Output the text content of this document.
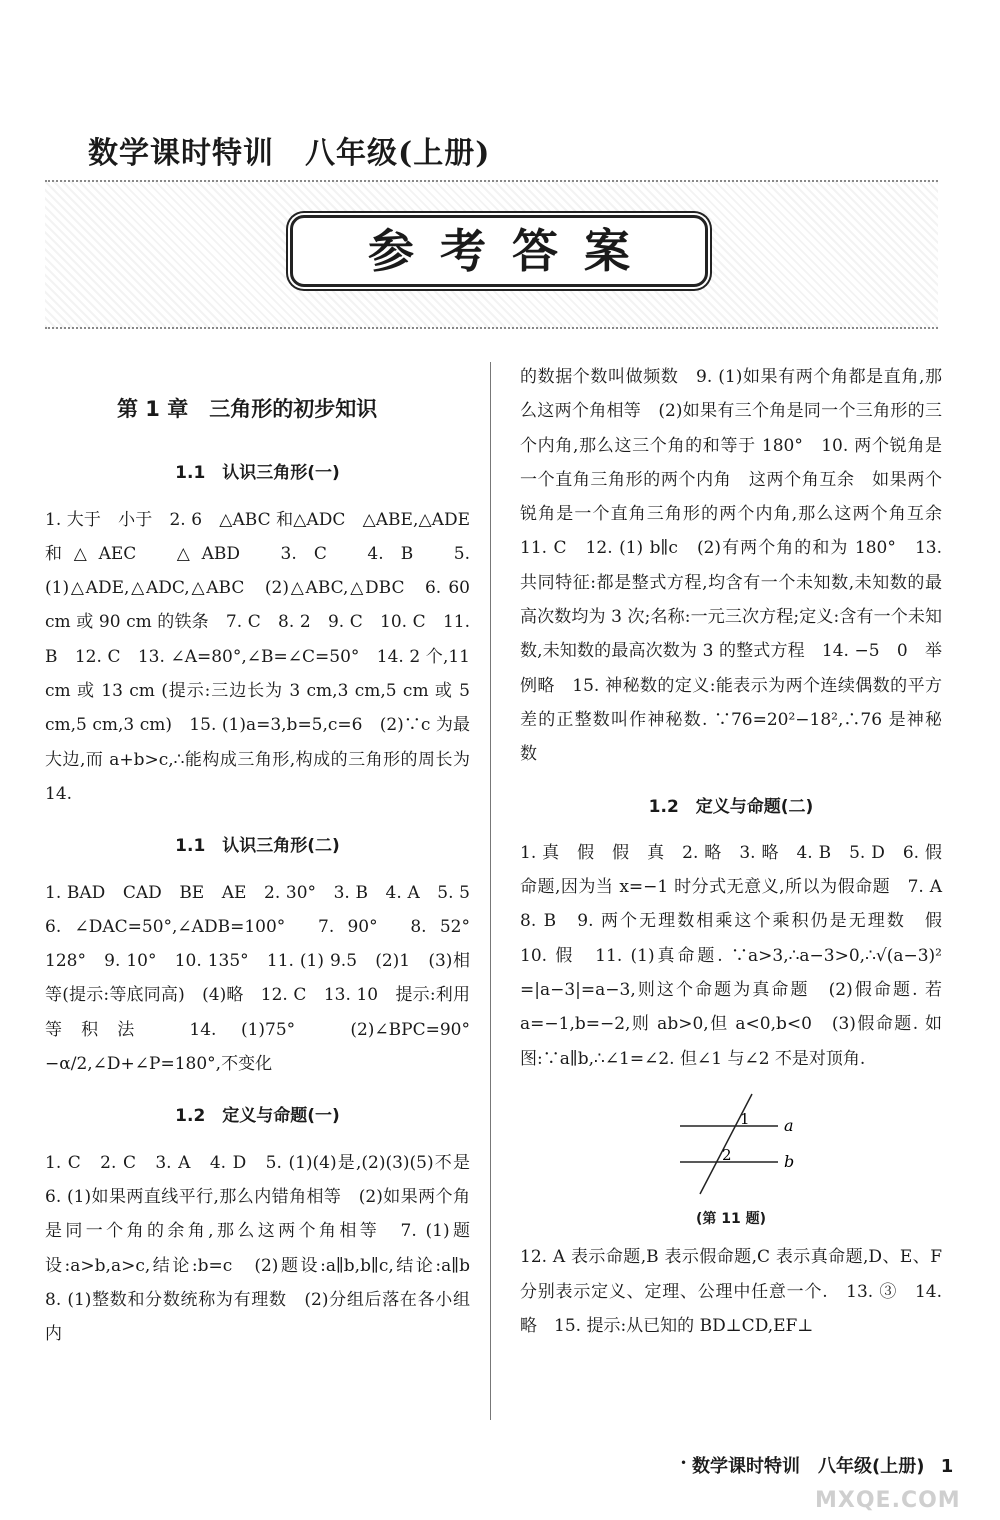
数学课时特训　八年级(上册)
参考答案

第 1 章　三角形的初步知识

1.1　认识三角形(一)

1. 大于　小于　2. 6　△ABC 和△ADC　△ABE,△ADE 和△AEC　△ABD　3. C　4. B　5. (1)△ADE,△ADC,△ABC　(2)△ABC,△DBC　6. 60 cm 或 90 cm 的铁条　7. C　8. 2　9. C　10. C　11. B　12. C　13. ∠A=80°,∠B=∠C=50°　14. 2 个,11 cm 或 13 cm (提示:三边长为 3 cm,3 cm,5 cm 或 5 cm,5 cm,3 cm)　15. (1)a=3,b=5,c=6　(2)∵c 为最大边,而 a+b>c,∴能构成三角形,构成的三角形的周长为 14.

1.1　认识三角形(二)

1. BAD　CAD　BE　AE　2. 30°　3. B　4. A　5. 5　6. ∠DAC=50°,∠ADB=100°　7. 90°　8. 52°　128°　9. 10°　10. 135°　11. (1) 9.5　(2)1　(3)相等(提示:等底同高)　(4)略　12. C　13. 10　提示:利用等积法　14. (1)75°　(2)∠BPC=90°−α/2,∠D+∠P=180°,不变化

1.2　定义与命题(一)

1. C　2. C　3. A　4. D　5. (1)(4)是,(2)(3)(5)不是　6. (1)如果两直线平行,那么内错角相等　(2)如果两个角是同一个角的余角,那么这两个角相等　7. (1)题设:a>b,a>c,结论:b=c　(2)题设:a∥b,b∥c,结论:a∥b　8. (1)整数和分数统称为有理数　(2)分组后落在各小组内

的数据个数叫做频数　9. (1)如果有两个角都是直角,那么这两个角相等　(2)如果有三个角是同一个三角形的三个内角,那么这三个角的和等于 180°　10. 两个锐角是一个直角三角形的两个内角　这两个角互余　如果两个锐角是一个直角三角形的两个内角,那么这两个角互余　11. C　12. (1) b∥c　(2)有两个角的和为 180°　13. 共同特征:都是整式方程,均含有一个未知数,未知数的最高次数均为 3 次;名称:一元三次方程;定义:含有一个未知数,未知数的最高次数为 3 的整式方程　14. −5　0　举例略　15. 神秘数的定义:能表示为两个连续偶数的平方差的正整数叫作神秘数. ∵76=20²−18²,∴76 是神秘数

1.2　定义与命题(二)

1. 真　假　假　真　2. 略　3. 略　4. B　5. D　6. 假命题,因为当 x=−1 时分式无意义,所以为假命题　7. A　8. B　9. 两个无理数相乘这个乘积仍是无理数　假　10. 假　11. (1)真命题. ∵a>3,∴a−3>0,∴√(a−3)² =|a−3|=a−3,则这个命题为真命题　(2)假命题. 若 a=−1,b=−2,则 ab>0,但 a<0,b<0　(3)假命题. 如图:∵a∥b,∴∠1=∠2. 但∠1 与∠2 不是对顶角.

1
2
a
b

(第 11 题)

12. A 表示命题,B 表示假命题,C 表示真命题,D、E、F 分别表示定义、定理、公理中任意一个.　13. ③　14. 略　15. 提示:从已知的 BD⊥CD,EF⊥

• 数学课时特训　八年级(上册) 1
MXQE.COM
